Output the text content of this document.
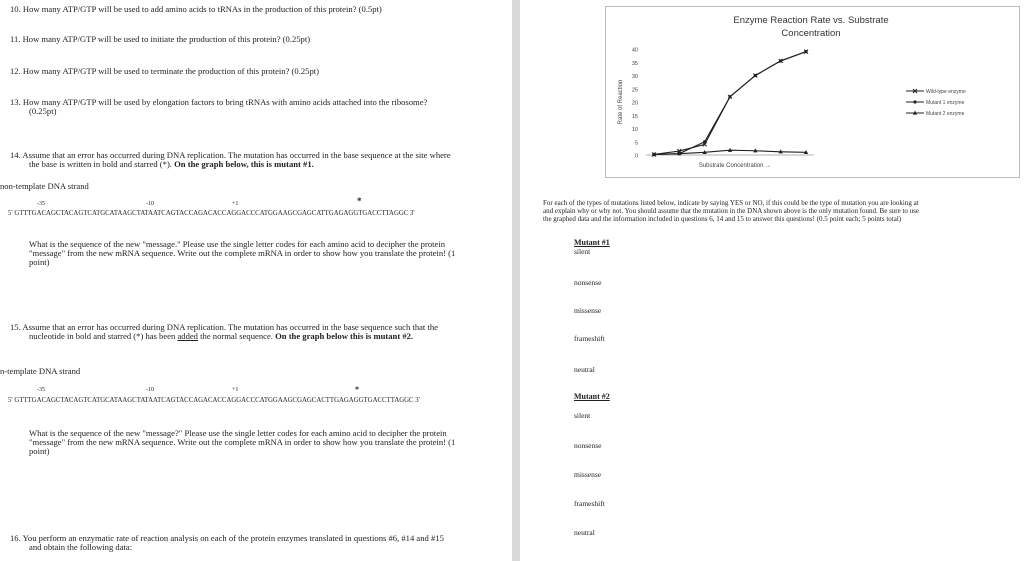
10. How many ATP/GTP will be used to add amino acids to tRNAs in the production of this protein? (0.5pt)
11. How many ATP/GTP will be used to initiate the production of this protein? (0.25pt)
12. How many ATP/GTP will be used to terminate the production of this protein? (0.25pt)
13. How many ATP/GTP will be used by elongation factors to bring tRNAs with amino acids attached into the ribosome?
(0.25pt)
14. Assume that an error has occurred during DNA replication. The mutation has occurred in the base sequence at the site where
the base is written in bold and starred (*). On the graph below, this is mutant #1.
non-template DNA strand
-35	-10	+1	*
5' GTTTGACAGCTACAGTCATGCATAAGCTATAATCAGTACCAGACACCAGGACCCATGGAAGCGAGCATTGAGAGGTGACCTTAGGC 3'
What is the sequence of the new "message." Please use the single letter codes for each amino acid to decipher the protein
"message" from the new mRNA sequence. Write out the complete mRNA in order to show how you translate the protein! (1
point)
15. Assume that an error has occurred during DNA replication. The mutation has occurred in the base sequence such that the
nucleotide in bold and starred (*) has been added the normal sequence. On the graph below this is mutant #2.
n-template DNA strand
-35	-10	+1	*
5' GTTTGACAGCTACAGTCATGCATAAGCTATAATCAGTACCAGACACCAGGACCCATGGAAGCGAGCACTTGAGAGGTGACCTTAGGC 3'
What is the sequence of the new "message?" Please use the single letter codes for each amino acid to decipher the protein
"message" from the new mRNA sequence. Write out the complete mRNA in order to show how you translate the protein! (1
point)
16. You perform an enzymatic rate of reaction analysis on each of the protein enzymes translated in questions #6, #14 and #15
and obtain the following data:
Enzyme Reaction Rate vs. Substrate
Concentration
0
5
10
15
20
25
30
35
40
Rate of Reaction
Substrate Concentration →
Wild-type enzyme
Mutant 1 enzyme
Mutant 2 enzyme
For each of the types of mutations listed below, indicate by saying YES or NO, if this could be the type of mutation you are looking at
and explain why or why not. You should assume that the mutation in the DNA shown above is the only mutation found. Be sure to use
the graphed data and the information included in questions 6, 14 and 15 to answer this questions! (0.5 point each; 5 points total)
Mutant #1
silent
nonsense
missense
frameshift
neutral
Mutant #2
silent
nonsense
missense
frameshift
neutral
